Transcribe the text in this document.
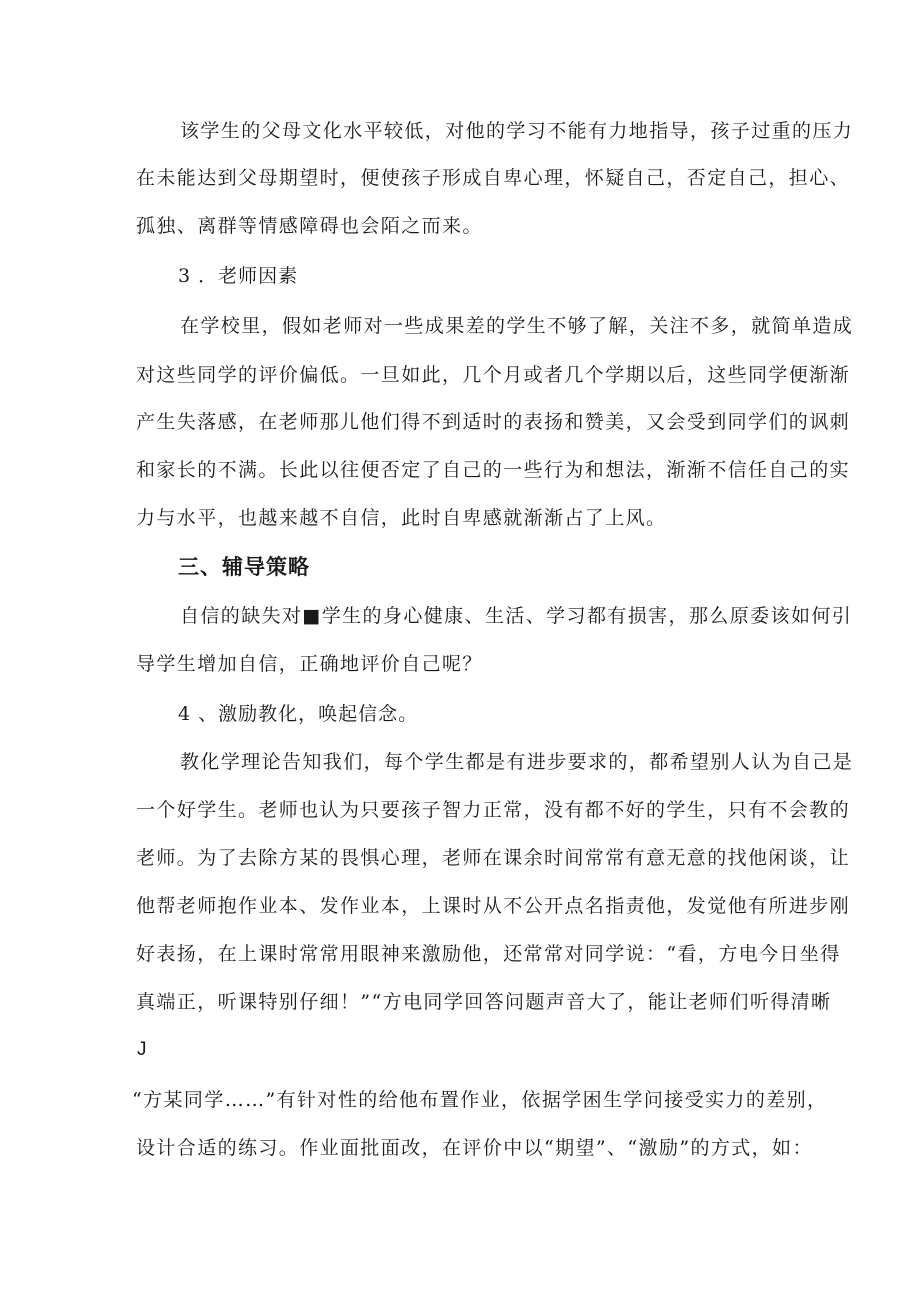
该学生的父母文化水平较低，对他的学习不能有力地指导，孩子过重的压力
在未能达到父母期望时，便使孩子形成自卑心理，怀疑自己，否定自己，担心、
孤独、离群等情感障碍也会陌之而来。
3 ．老师因素
在学校里，假如老师对一些成果差的学生不够了解，关注不多，就简单造成
对这些同学的评价偏低。一旦如此，几个月或者几个学期以后，这些同学便渐渐
产生失落感，在老师那儿他们得不到适时的表扬和赞美，又会受到同学们的讽刺
和家长的不满。长此以往便否定了自己的一些行为和想法，渐渐不信任自己的实
力与水平，也越来越不自信，此时自卑感就渐渐占了上风。
三、辅导策略
自信的缺失对■学生的身心健康、生活、学习都有损害，那么原委该如何引
导学生增加自信，正确地评价自己呢？
4 、激励教化，唤起信念。
教化学理论告知我们，每个学生都是有进步要求的，都希望别人认为自己是
一个好学生。老师也认为只要孩子智力正常，没有都不好的学生，只有不会教的
老师。为了去除方某的畏惧心理，老师在课余时间常常有意无意的找他闲谈，让
他帮老师抱作业本、发作业本，上课时从不公开点名指责他，发觉他有所进步刚
好表扬，在上课时常常用眼神来激励他，还常常对同学说：“看，方电今日坐得
真端正，听课特别仔细！”“方电同学回答问题声音大了，能让老师们听得清晰
J
“方某同学……”有针对性的给他布置作业，依据学困生学问接受实力的差别，
设计合适的练习。作业面批面改，在评价中以“期望”、“激励”的方式，如：
